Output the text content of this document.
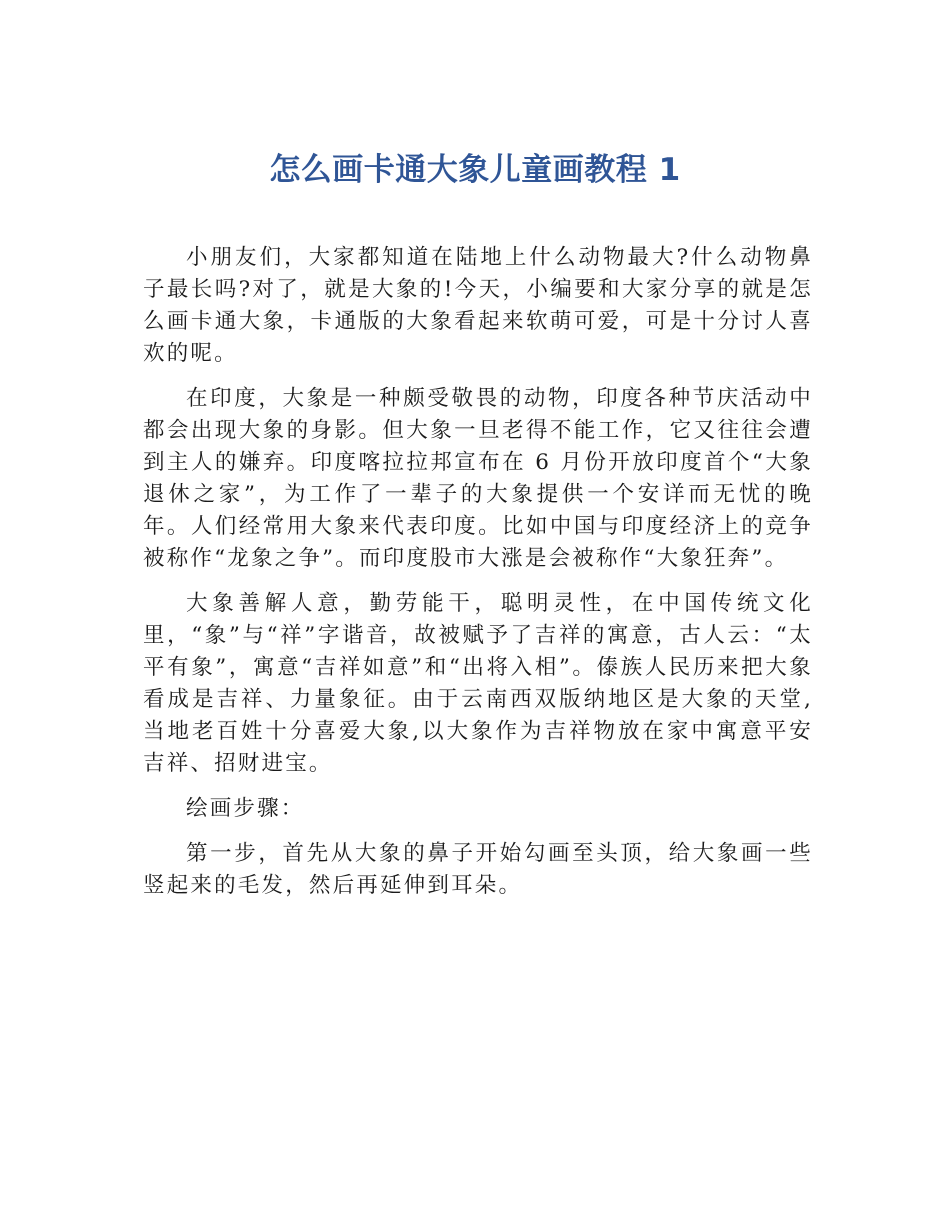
怎么画卡通大象儿童画教程 1

小朋友们，大家都知道在陆地上什么动物最大?什么动物鼻子最长吗?对了，就是大象的!今天，小编要和大家分享的就是怎么画卡通大象，卡通版的大象看起来软萌可爱，可是十分讨人喜欢的呢。

在印度，大象是一种颇受敬畏的动物，印度各种节庆活动中都会出现大象的身影。但大象一旦老得不能工作，它又往往会遭到主人的嫌弃。印度喀拉拉邦宣布在 6 月份开放印度首个“大象退休之家”，为工作了一辈子的大象提供一个安详而无忧的晚年。人们经常用大象来代表印度。比如中国与印度经济上的竞争被称作“龙象之争”。而印度股市大涨是会被称作“大象狂奔”。

大象善解人意，勤劳能干，聪明灵性，在中国传统文化里，“象”与“祥”字谐音，故被赋予了吉祥的寓意，古人云：“太平有象”，寓意“吉祥如意”和“出将入相”。傣族人民历来把大象看成是吉祥、力量象征。由于云南西双版纳地区是大象的天堂,当地老百姓十分喜爱大象,以大象作为吉祥物放在家中寓意平安吉祥、招财进宝。

绘画步骤：

第一步，首先从大象的鼻子开始勾画至头顶，给大象画一些竖起来的毛发，然后再延伸到耳朵。
